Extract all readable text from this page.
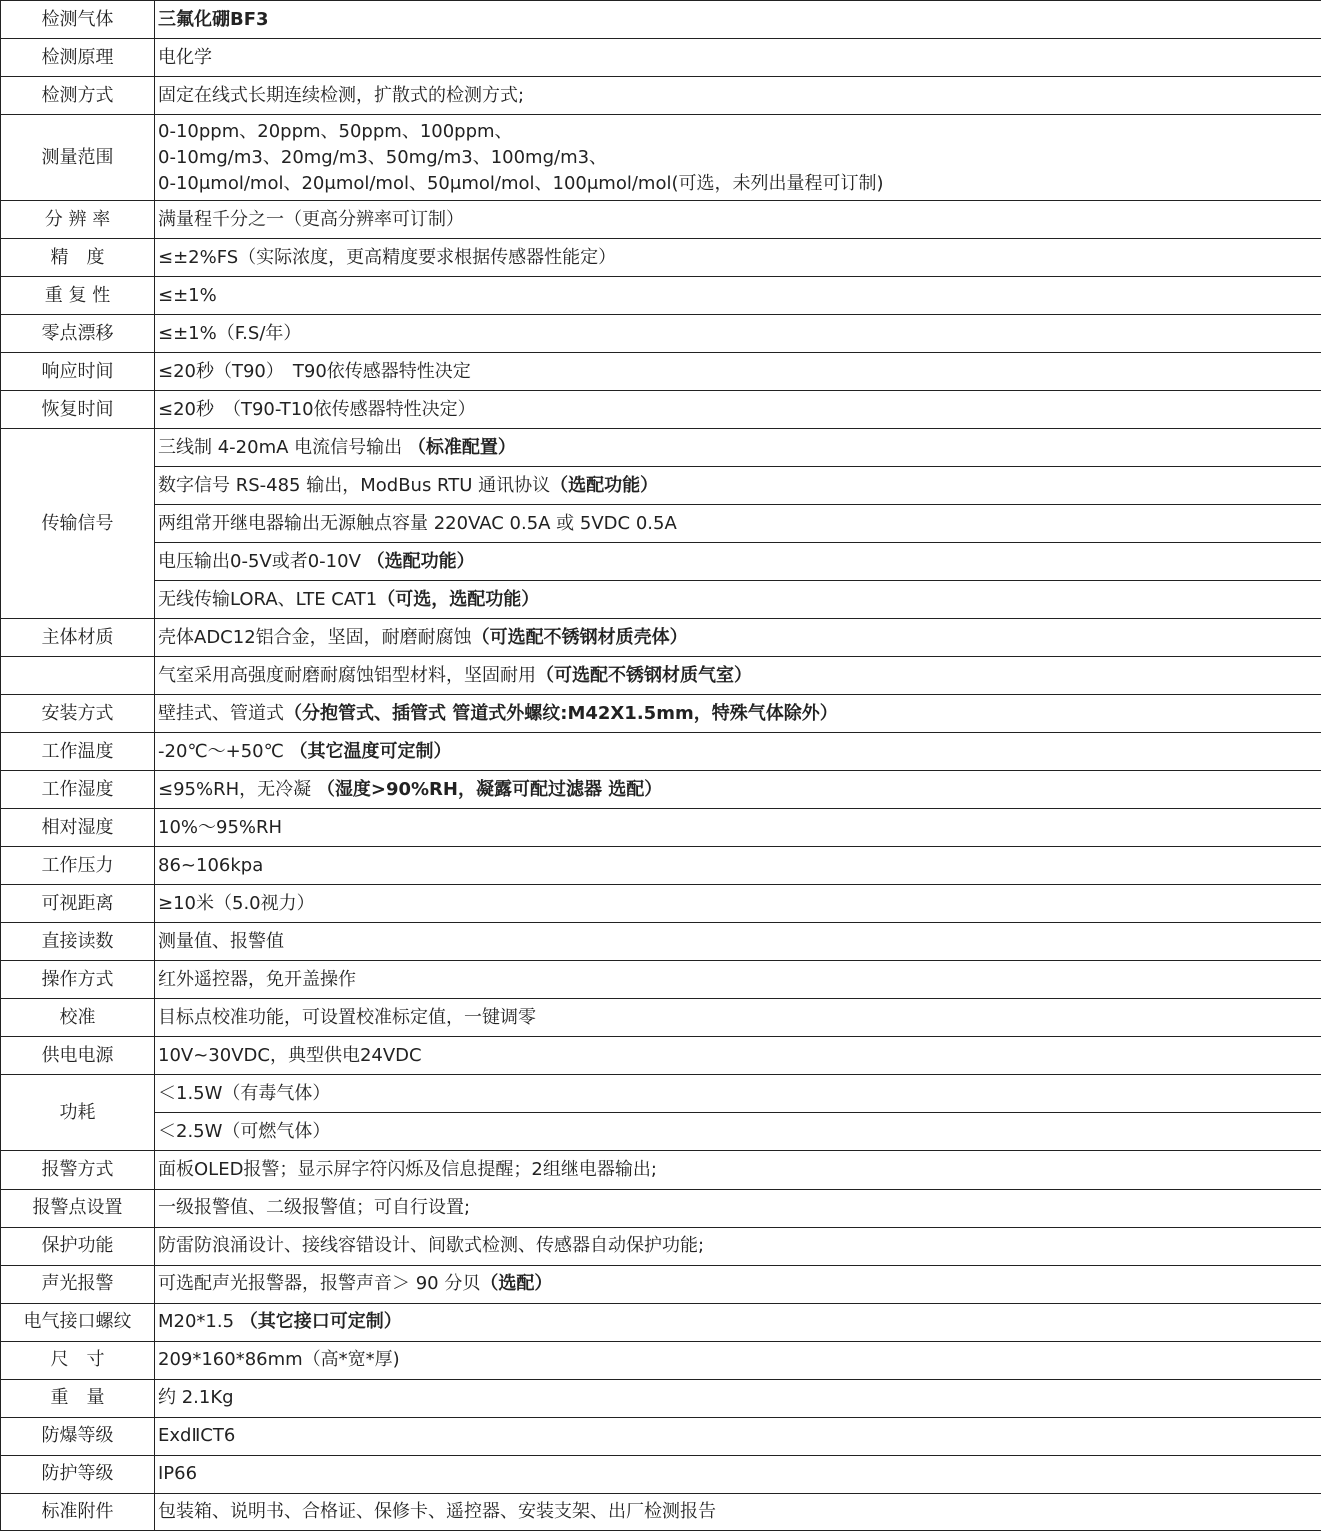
检测气体	三氟化硼BF3
检测原理	电化学
检测方式	固定在线式长期连续检测，扩散式的检测方式;
测量范围	0-10ppm、20ppm、50ppm、100ppm、
0-10mg/m3、20mg/m3、50mg/m3、100mg/m3、
0-10μmol/mol、20μmol/mol、50μmol/mol、100μmol/mol(可选，未列出量程可订制)

分 辨 率	满量程千分之一（更高分辨率可订制）
精　度	≤±2%FS（实际浓度，更高精度要求根据传感器性能定）
重 复 性	≤±1%
零点漂移	≤±1%（F.S/年）
响应时间	≤20秒（T90）　T90依传感器特性决定
恢复时间	≤20秒　（T90-T10依传感器特性决定）
传输信号	三线制 4-20mA 电流信号输出 （标准配置）
	数字信号 RS-485 输出，ModBus RTU 通讯协议（选配功能）
	两组常开继电器输出无源触点容量 220VAC 0.5A 或 5VDC 0.5A
	电压输出0-5V或者0-10V （选配功能）
	无线传输LORA、LTE CAT1（可选，选配功能）
主体材质	壳体ADC12铝合金，坚固，耐磨耐腐蚀（可选配不锈钢材质壳体）
	气室采用高强度耐磨耐腐蚀铝型材料，坚固耐用（可选配不锈钢材质气室）
安装方式	壁挂式、管道式（分抱管式、插管式 管道式外螺纹:M42X1.5mm，特殊气体除外）
工作温度	-20℃～+50℃ （其它温度可定制）
工作湿度	≤95%RH，无冷凝 （湿度>90%RH，凝露可配过滤器 选配）
相对湿度	10%～95%RH
工作压力	86~106kpa
可视距离	≥10米（5.0视力）
直接读数	测量值、报警值
操作方式	红外遥控器，免开盖操作
校准	目标点校准功能，可设置校准标定值，一键调零
供电电源	10V~30VDC，典型供电24VDC
功耗	＜1.5W（有毒气体）
	＜2.5W（可燃气体）
报警方式	面板OLED报警；显示屏字符闪烁及信息提醒；2组继电器输出;
报警点设置	一级报警值、二级报警值；可自行设置;
保护功能	防雷防浪涌设计、接线容错设计、间歇式检测、传感器自动保护功能;
声光报警	可选配声光报警器，报警声音＞ 90 分贝（选配）
电气接口螺纹	M20*1.5 （其它接口可定制）
尺　寸	209*160*86mm（高*宽*厚)
重　量	约 2.1Kg
防爆等级	ExdⅡCT6
防护等级	IP66
标准附件	包装箱、说明书、合格证、保修卡、遥控器、安装支架、出厂检测报告
